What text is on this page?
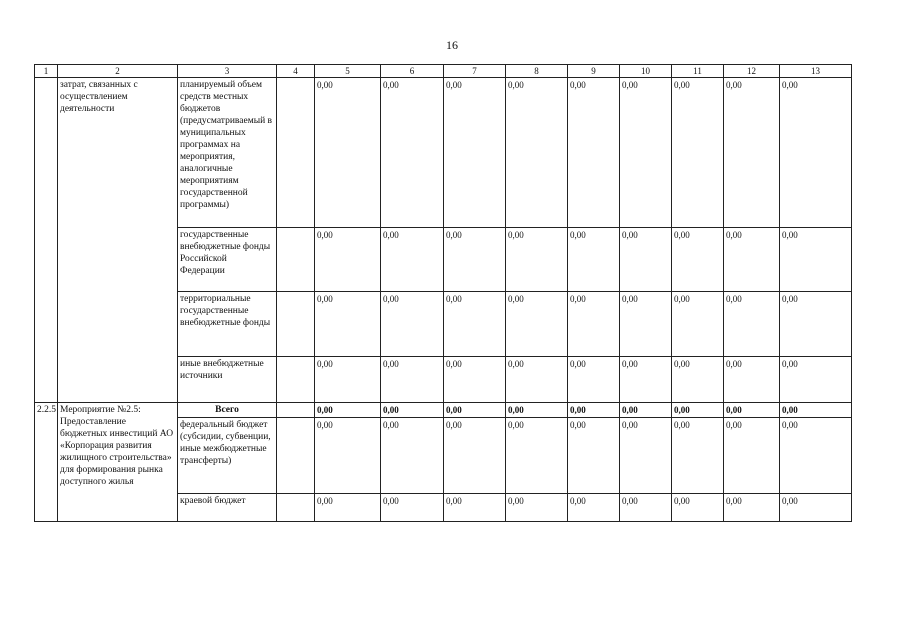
16
1	2	3	4	5	6	7	8	9	10	11	12	13
	затрат, связанных с осуществлением деятельности	планируемый объем средств местных бюджетов (предусматриваемый в муниципальных программах на мероприятия, аналогичные мероприятиям государственной программы)		0,00	0,00	0,00	0,00	0,00	0,00	0,00	0,00	0,00
		государственные внебюджетные фонды Российской Федерации		0,00	0,00	0,00	0,00	0,00	0,00	0,00	0,00	0,00
		территориальные государственные внебюджетные фонды		0,00	0,00	0,00	0,00	0,00	0,00	0,00	0,00	0,00
		иные внебюджетные источники		0,00	0,00	0,00	0,00	0,00	0,00	0,00	0,00	0,00
2.2.5	Мероприятие №2.5: Предоставление бюджетных инвестиций АО «Корпорация развития жилищного строительства» для формирования рынка доступного жилья	Всего		0,00	0,00	0,00	0,00	0,00	0,00	0,00	0,00	0,00
		федеральный бюджет (субсидии, субвенции, иные межбюджетные трансферты)		0,00	0,00	0,00	0,00	0,00	0,00	0,00	0,00	0,00
		краевой бюджет		0,00	0,00	0,00	0,00	0,00	0,00	0,00	0,00	0,00
